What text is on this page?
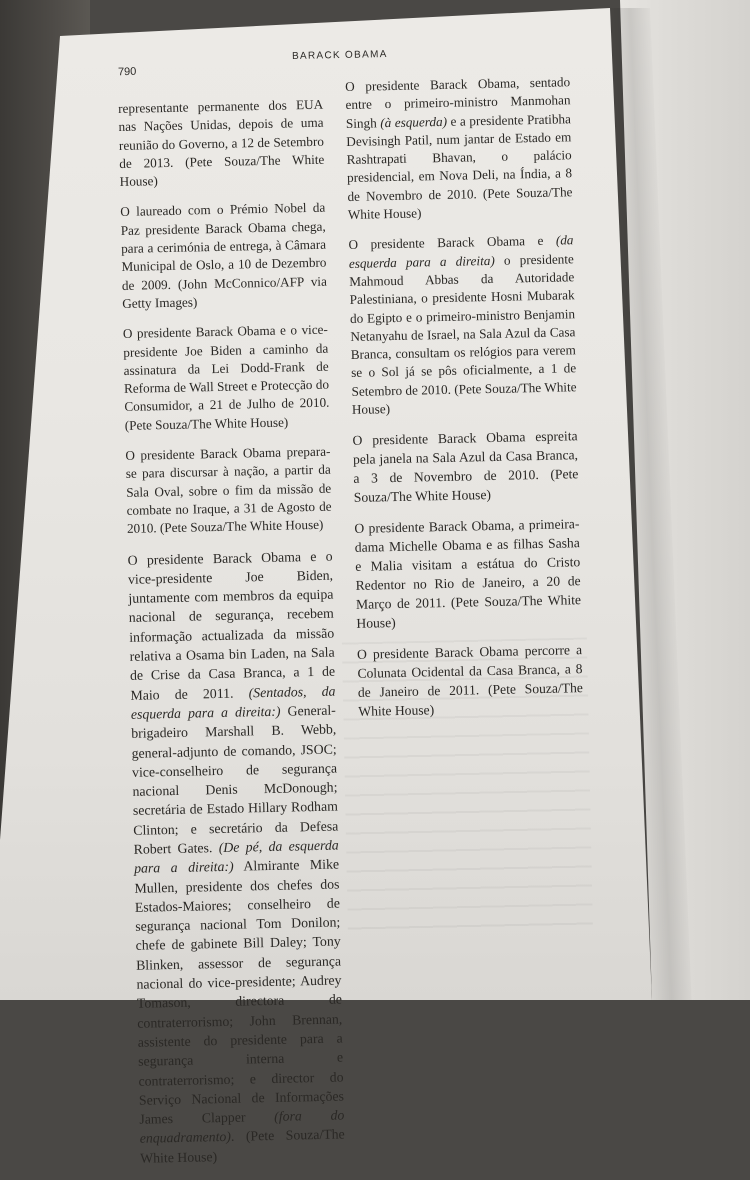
BARACK OBAMA
790

representante permanente dos EUA nas Nações Unidas, depois de uma reunião do Governo, a 12 de Setembro de 2013. (Pete Souza/The White House)

O laureado com o Prémio Nobel da Paz presidente Barack Obama chega, para a cerimónia de entrega, à Câmara Municipal de Oslo, a 10 de Dezembro de 2009. (John McConnico/AFP via Getty Images)

O presidente Barack Obama e o vice-presidente Joe Biden a caminho da assinatura da Lei Dodd-Frank de Reforma de Wall Street e Protecção do Consumidor, a 21 de Julho de 2010. (Pete Souza/The White House)

O presidente Barack Obama prepara-se para discursar à nação, a partir da Sala Oval, sobre o fim da missão de combate no Iraque, a 31 de Agosto de 2010. (Pete Souza/The White House)

O presidente Barack Obama e o vice-presidente Joe Biden, juntamente com membros da equipa nacional de segurança, recebem informação actualizada da missão relativa a Osama bin Laden, na Sala de Crise da Casa Branca, a 1 de Maio de 2011. (Sentados, da esquerda para a direita:) General-brigadeiro Marshall B. Webb, general-adjunto de comando, JSOC; vice-conselheiro de segurança nacional Denis McDonough; secretária de Estado Hillary Rodham Clinton; e secretário da Defesa Robert Gates. (De pé, da esquerda para a direita:) Almirante Mike Mullen, presidente dos chefes dos Estados-Maiores; conselheiro de segurança nacional Tom Donilon; chefe de gabinete Bill Daley; Tony Blinken, assessor de segurança nacional do vice-presidente; Audrey Tomason, directora de contraterrorismo; John Brennan, assistente do presidente para a segurança interna e contraterrorismo; e director do Serviço Nacional de Informações James Clapper (fora do enquadramento). (Pete Souza/The White House)

O presidente Barack Obama, sentado entre o primeiro-ministro Manmohan Singh (à esquerda) e a presidente Pratibha Devisingh Patil, num jantar de Estado em Rashtrapati Bhavan, o palácio presidencial, em Nova Deli, na Índia, a 8 de Novembro de 2010. (Pete Souza/The White House)

O presidente Barack Obama e (da esquerda para a direita) o presidente Mahmoud Abbas da Autoridade Palestiniana, o presidente Hosni Mubarak do Egipto e o primeiro-ministro Benjamin Netanyahu de Israel, na Sala Azul da Casa Branca, consultam os relógios para verem se o Sol já se pôs oficialmente, a 1 de Setembro de 2010. (Pete Souza/The White House)

O presidente Barack Obama espreita pela janela na Sala Azul da Casa Branca, a 3 de Novembro de 2010. (Pete Souza/The White House)

O presidente Barack Obama, a primeira-dama Michelle Obama e as filhas Sasha e Malia visitam a estátua do Cristo Redentor no Rio de Janeiro, a 20 de Março de 2011. (Pete Souza/The White House)

O presidente Barack Obama percorre a Colunata Ocidental da Casa Branca, a 8 de Janeiro de 2011. (Pete Souza/The White House)
